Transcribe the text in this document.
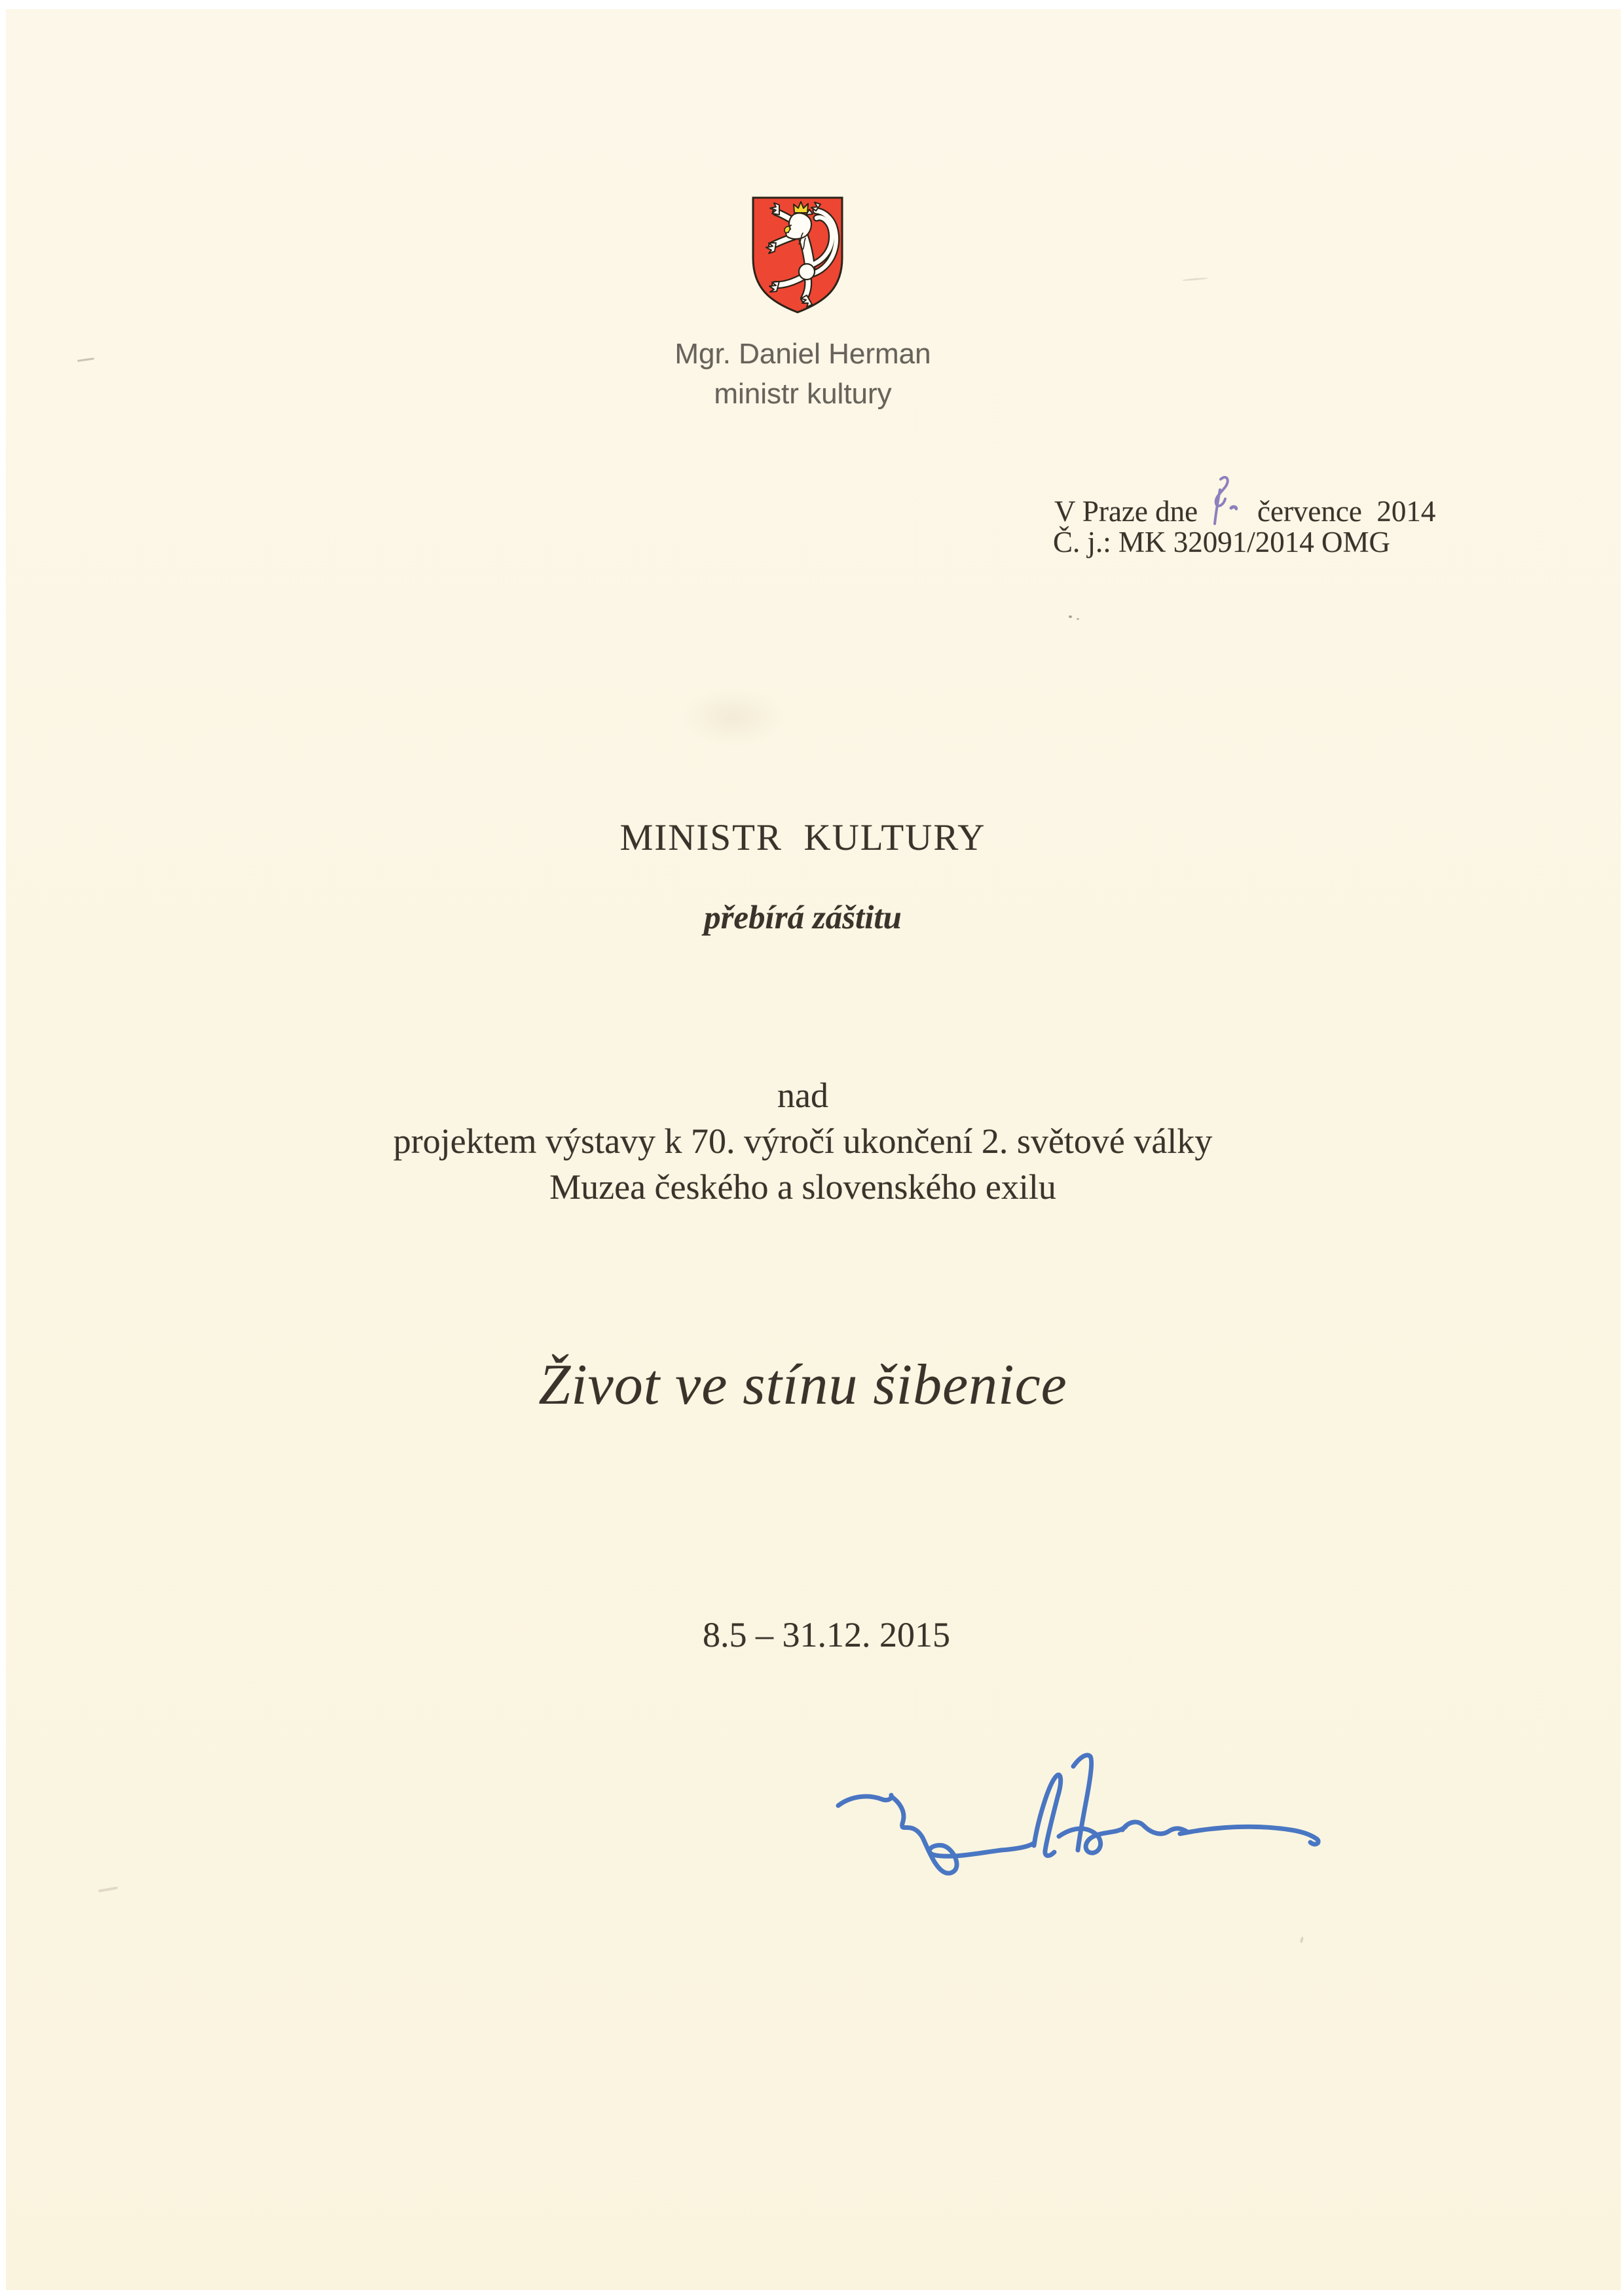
Mgr. Daniel Herman
ministr kultury
V Praze dne července  2014
Č. j.: MK 32091/2014 OMG
MINISTR  KULTURY
přebírá záštitu
nad
projektem výstavy k 70. výročí ukončení 2. světové války
Muzea českého a slovenského exilu
Život ve stínu šibenice
8.5 – 31.12. 2015
